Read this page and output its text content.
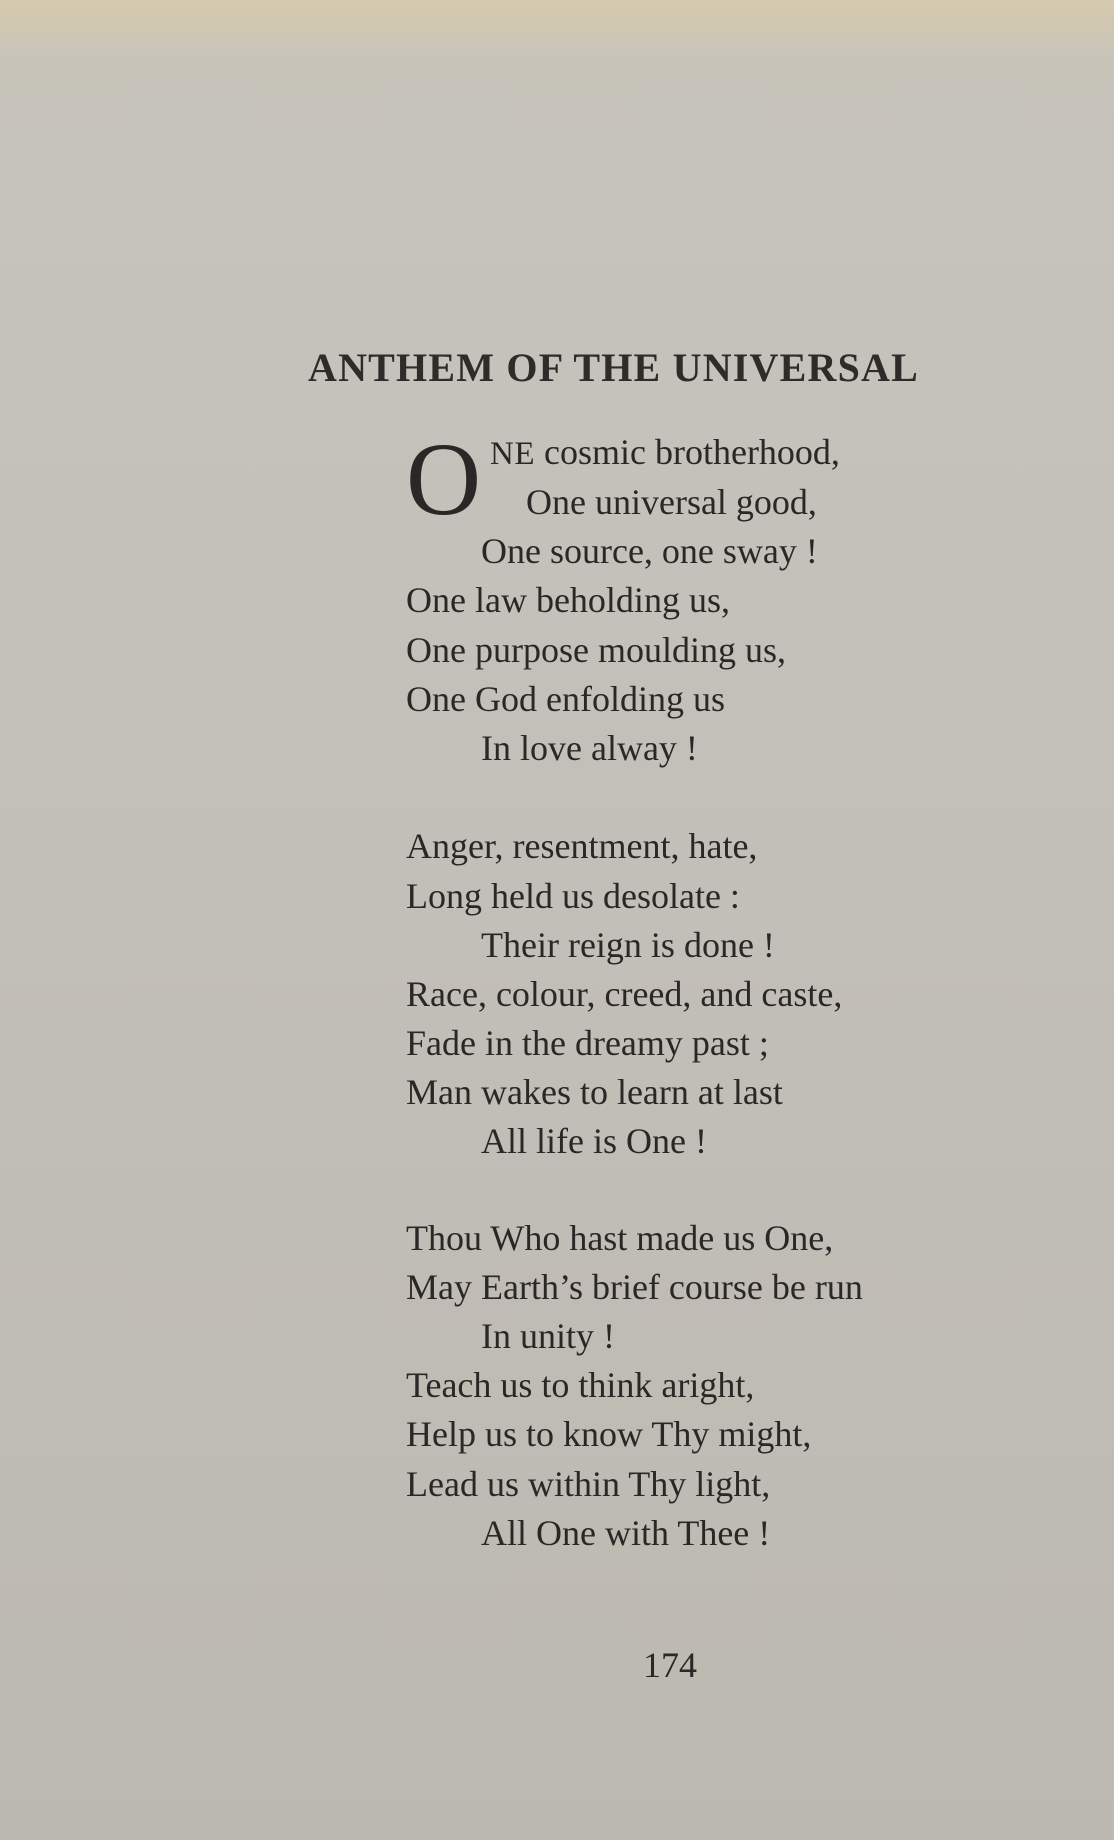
ANTHEM OF THE UNIVERSAL
O NE cosmic brotherhood,
One universal good,
One source, one sway !
One law beholding us,
One purpose moulding us,
One God enfolding us
In love alway !
Anger, resentment, hate,
Long held us desolate :
Their reign is done !
Race, colour, creed, and caste,
Fade in the dreamy past ;
Man wakes to learn at last
All life is One !
Thou Who hast made us One,
May Earth’s brief course be run
In unity !
Teach us to think aright,
Help us to know Thy might,
Lead us within Thy light,
All One with Thee !
174
